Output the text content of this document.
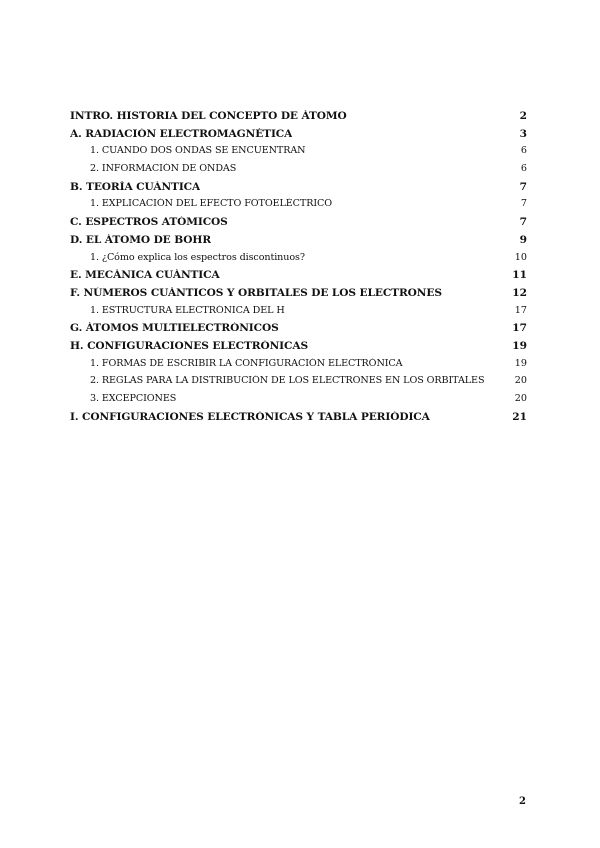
INTRO. HISTORIA DEL CONCEPTO DE ÁTOMO	2
A. RADIACIÓN ELECTROMAGNÉTICA	3
1. CUANDO DOS ONDAS SE ENCUENTRAN	6
2. INFORMACIÓN DE ONDAS	6
B. TEORÍA CUÁNTICA	7
1. EXPLICACIÓN DEL EFECTO FOTOELÉCTRICO	7
C. ESPECTROS ATÓMICOS	7
D. EL ÁTOMO DE BOHR	9
1. ¿Cómo explica los espectros discontinuos?	10
E. MECÁNICA CUÁNTICA	11
F. NÚMEROS CUÁNTICOS Y ORBITALES DE LOS ELECTRONES	12
1. ESTRUCTURA ELECTRÓNICA DEL H	17
G. ÁTOMOS MULTIELECTRÓNICOS	17
H. CONFIGURACIONES ELECTRÓNICAS	19
1. FORMAS DE ESCRIBIR LA CONFIGURACIÓN ELECTRÓNICA	19
2. REGLAS PARA LA DISTRIBUCIÓN DE LOS ELECTRONES EN LOS ORBITALES	20
3. EXCEPCIONES	20
I. CONFIGURACIONES ELECTRÓNICAS Y TABLA PERIÓDICA	21
2
